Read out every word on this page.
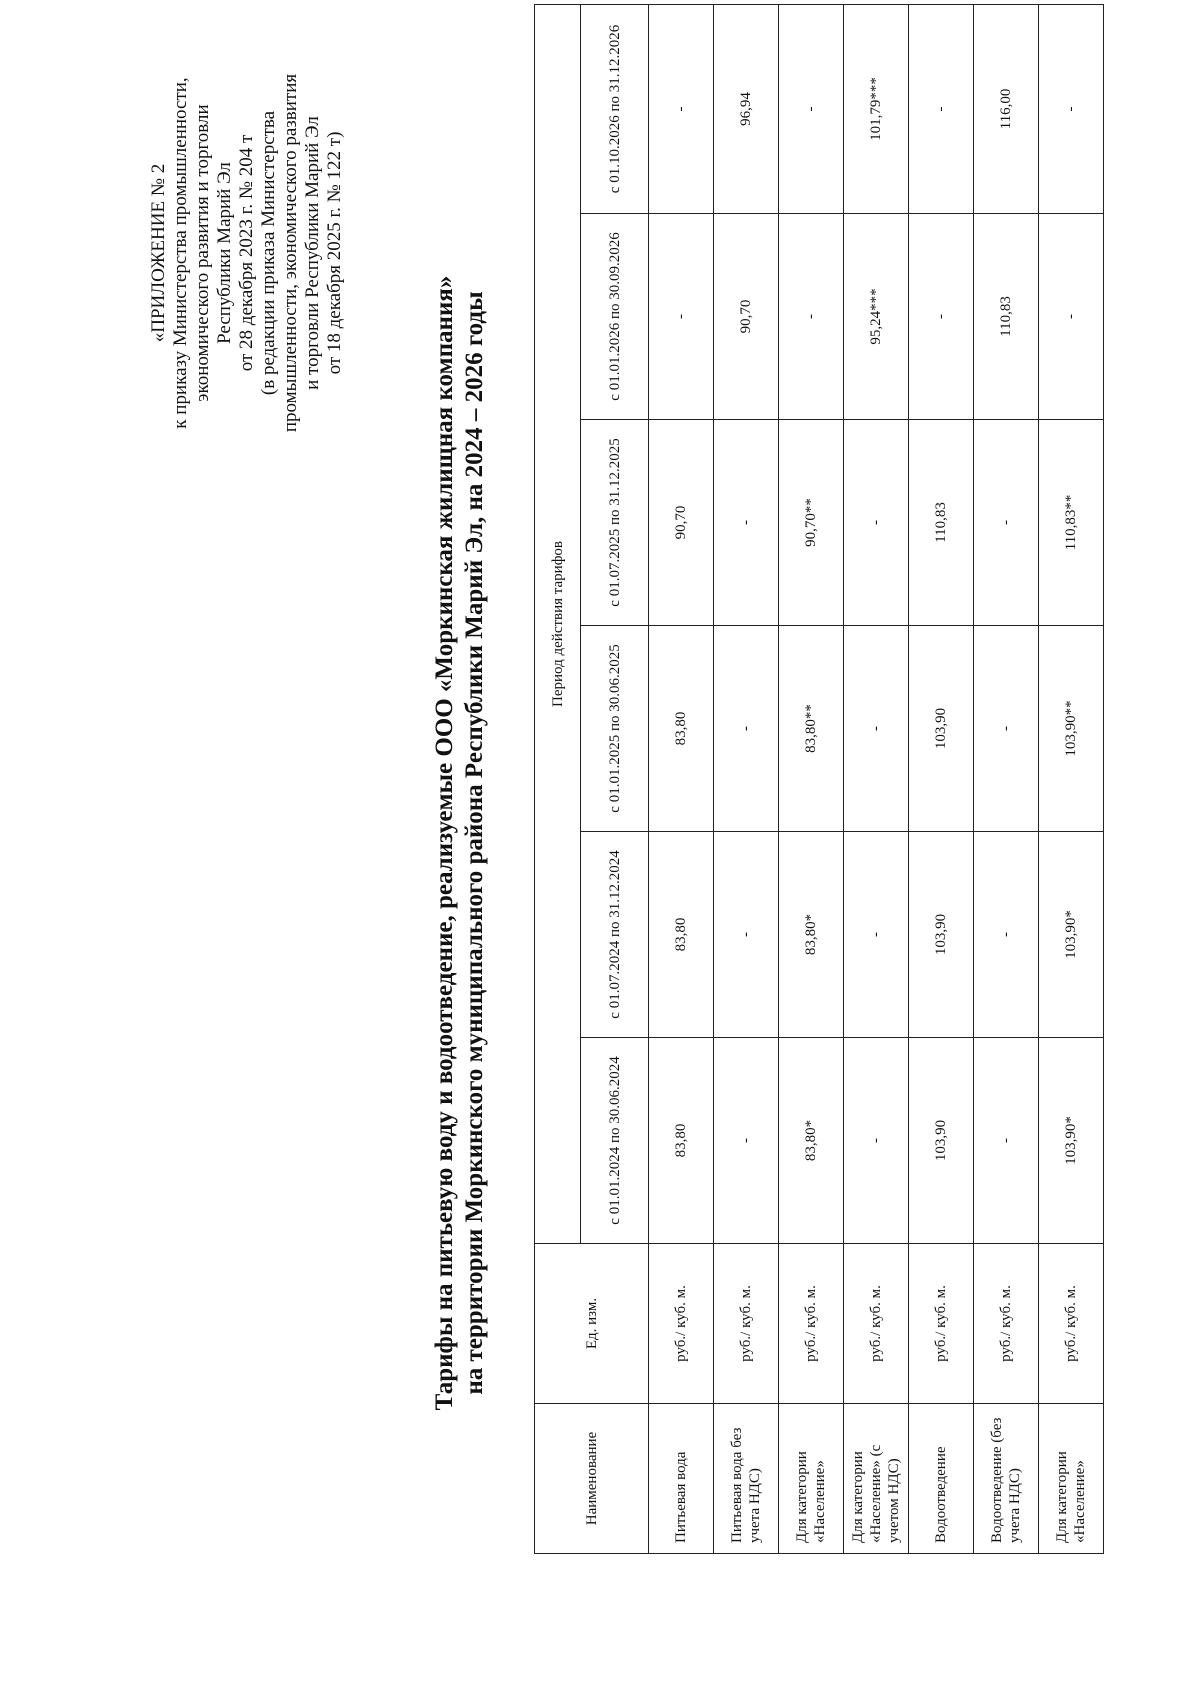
«ПРИЛОЖЕНИЕ № 2 к приказу Министерства промышленности, экономического развития и торговли Республики Марий Эл от 28 декабря 2023 г. № 204 т (в редакции приказа Министерства промышленности, экономического развития и торговли Республики Марий Эл от 18 декабря 2025 г. № 122 т)
Тарифы на питьевую воду и водоотведение, реализуемые ООО «Моркинская жилищная компания» на территории Моркинского муниципального района Республики Марий Эл, на 2024 – 2026 годы
Наименование	Ед. изм.	Период действия тарифов					
		с 01.01.2024 по 30.06.2024	с 01.07.2024 по 31.12.2024	с 01.01.2025 по 30.06.2025	с 01.07.2025 по 31.12.2025	с 01.01.2026 по 30.09.2026	с 01.10.2026 по 31.12.2026
Питьевая вода	руб./ куб. м.	83,80	83,80	83,80	90,70	-	-
Питьевая вода без учета НДС)	руб./ куб. м.	-	-	-	-	90,70	96,94
Для категории «Население»	руб./ куб. м.	83,80*	83,80*	83,80**	90,70**	-	-
Для категории «Население» (с учетом НДС)	руб./ куб. м.	-	-	-	-	95,24***	101,79***
Водоотведение	руб./ куб. м.	103,90	103,90	103,90	110,83	-	-
Водоотведение (без учета НДС)	руб./ куб. м.	-	-	-	-	110,83	116,00
Для категории «Население»	руб./ куб. м.	103,90*	103,90*	103,90**	110,83**	-	-
